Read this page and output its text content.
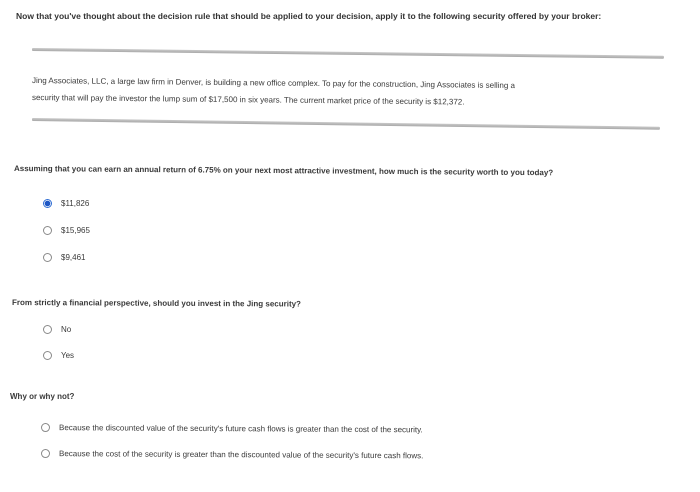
Now that you've thought about the decision rule that should be applied to your decision, apply it to the following security offered by your broker:
Jing Associates, LLC, a large law firm in Denver, is building a new office complex. To pay for the construction, Jing Associates is selling a
security that will pay the investor the lump sum of $17,500 in six years. The current market price of the security is $12,372.
Assuming that you can earn an annual return of 6.75% on your next most attractive investment, how much is the security worth to you today?
$11,826
$15,965
$9,461
From strictly a financial perspective, should you invest in the Jing security?
No
Yes
Why or why not?
Because the discounted value of the security's future cash flows is greater than the cost of the security.
Because the cost of the security is greater than the discounted value of the security's future cash flows.
